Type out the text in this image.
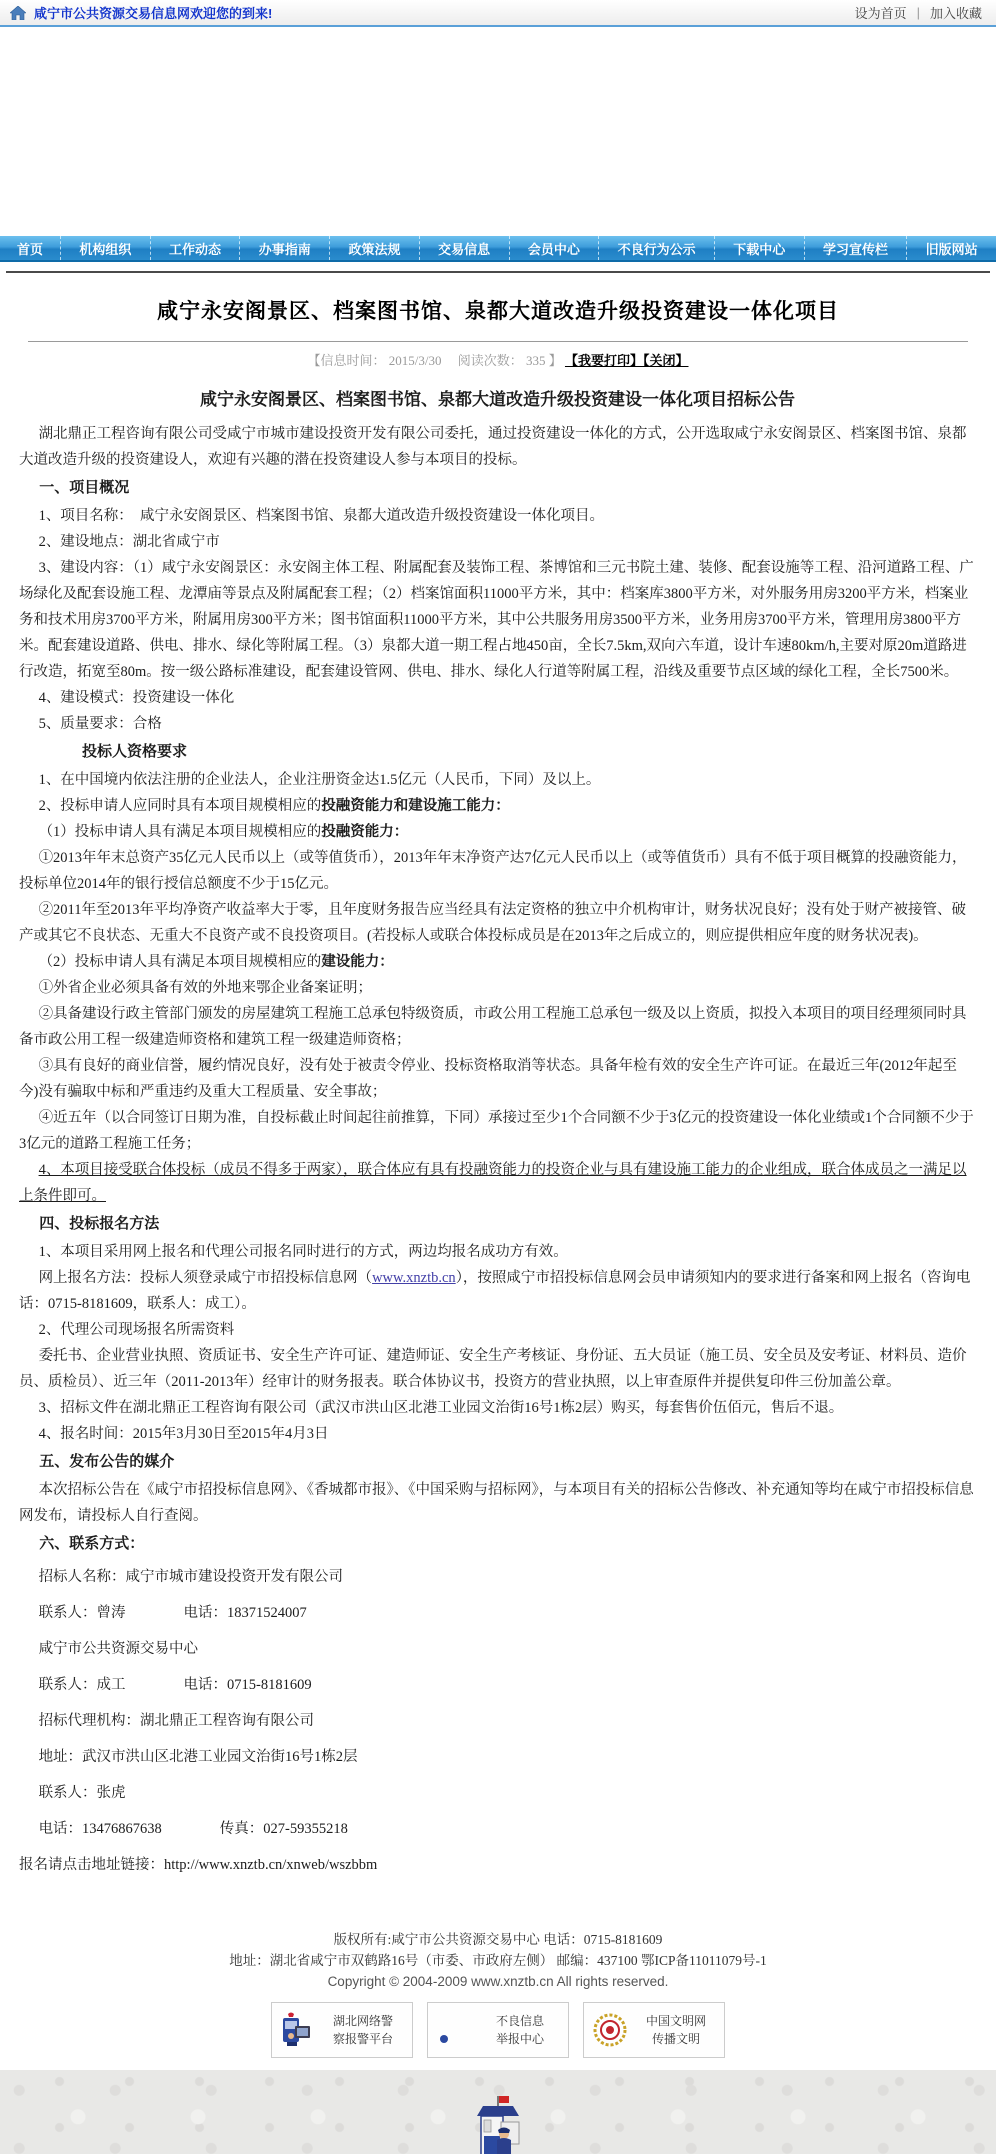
咸宁市公共资源交易信息网欢迎您的到来!	设为首页 | 加入收藏
首页	机构组织	工作动态	办事指南	政策法规	交易信息	会员中心	不良行为公示	下载中心	学习宣传栏	旧版网站
咸宁永安阁景区、档案图书馆、泉都大道改造升级投资建设一体化项目
【信息时间： 2015/3/30　 阅读次数： 335 】 【我要打印】【关闭】
咸宁永安阁景区、档案图书馆、泉都大道改造升级投资建设一体化项目招标公告

湖北鼎正工程咨询有限公司受咸宁市城市建设投资开发有限公司委托，通过投资建设一体化的方式，公开选取咸宁永安阁景区、档案图书馆、泉都大道改造升级的投资建设人，欢迎有兴趣的潜在投资建设人参与本项目的投标。

一、项目概况

1、项目名称：　咸宁永安阁景区、档案图书馆、泉都大道改造升级投资建设一体化项目。

2、建设地点：湖北省咸宁市

3、建设内容：（1）咸宁永安阁景区：永安阁主体工程、附属配套及装饰工程、茶博馆和三元书院土建、装修、配套设施等工程、沿河道路工程、广场绿化及配套设施工程、龙潭庙等景点及附属配套工程；（2）档案馆面积11000平方米，其中：档案库3800平方米，对外服务用房3200平方米，档案业务和技术用房3700平方米，附属用房300平方米；图书馆面积11000平方米，其中公共服务用房3500平方米，业务用房3700平方米，管理用房3800平方米。配套建设道路、供电、排水、绿化等附属工程。（3）泉都大道一期工程占地450亩，全长7.5km,双向六车道，设计车速80km/h,主要对原20m道路进行改造，拓宽至80m。按一级公路标准建设，配套建设管网、供电、排水、绿化人行道等附属工程，沿线及重要节点区域的绿化工程，全长7500米。

4、建设模式：投资建设一体化

5、质量要求：合格

投标人资格要求

1、在中国境内依法注册的企业法人，企业注册资金达1.5亿元（人民币，下同）及以上。

2、投标申请人应同时具有本项目规模相应的投融资能力和建设施工能力：

（1）投标申请人具有满足本项目规模相应的投融资能力：

①2013年年末总资产35亿元人民币以上（或等值货币），2013年年末净资产达7亿元人民币以上（或等值货币）具有不低于项目概算的投融资能力，投标单位2014年的银行授信总额度不少于15亿元。

②2011年至2013年平均净资产收益率大于零，且年度财务报告应当经具有法定资格的独立中介机构审计，财务状况良好；没有处于财产被接管、破产或其它不良状态、无重大不良资产或不良投资项目。(若投标人或联合体投标成员是在2013年之后成立的，则应提供相应年度的财务状况表)。

（2）投标申请人具有满足本项目规模相应的建设能力：

①外省企业必须具备有效的外地来鄂企业备案证明；

②具备建设行政主管部门颁发的房屋建筑工程施工总承包特级资质，市政公用工程施工总承包一级及以上资质，拟投入本项目的项目经理须同时具备市政公用工程一级建造师资格和建筑工程一级建造师资格；

③具有良好的商业信誉，履约情况良好，没有处于被责令停业、投标资格取消等状态。具备年检有效的安全生产许可证。在最近三年(2012年起至今)没有骗取中标和严重违约及重大工程质量、安全事故；

④近五年（以合同签订日期为准，自投标截止时间起往前推算，下同）承接过至少1个合同额不少于3亿元的投资建设一体化业绩或1个合同额不少于3亿元的道路工程施工任务；

4、本项目接受联合体投标（成员不得多于两家），联合体应有具有投融资能力的投资企业与具有建设施工能力的企业组成，联合体成员之一满足以上条件即可。

四、投标报名方法

1、本项目采用网上报名和代理公司报名同时进行的方式，两边均报名成功方有效。

网上报名方法：投标人须登录咸宁市招投标信息网（www.xnztb.cn），按照咸宁市招投标信息网会员申请须知内的要求进行备案和网上报名（咨询电话：0715-8181609，联系人：成工）。

2、代理公司现场报名所需资料

委托书、企业营业执照、资质证书、安全生产许可证、建造师证、安全生产考核证、身份证、五大员证（施工员、安全员及安考证、材料员、造价员、质检员）、近三年（2011-2013年）经审计的财务报表。联合体协议书，投资方的营业执照，以上审查原件并提供复印件三份加盖公章。

3、招标文件在湖北鼎正工程咨询有限公司（武汉市洪山区北港工业园文治街16号1栋2层）购买，每套售价伍佰元，售后不退。

4、报名时间：2015年3月30日至2015年4月3日

五、发布公告的媒介

本次招标公告在《咸宁市招投标信息网》、《香城都市报》、《中国采购与招标网》，与本项目有关的招标公告修改、补充通知等均在咸宁市招投标信息网发布，请投标人自行查阅。

六、联系方式：

招标人名称：咸宁市城市建设投资开发有限公司

联系人：曾涛　　　　电话：18371524007

咸宁市公共资源交易中心

联系人：成工　　　　电话：0715-8181609

招标代理机构：湖北鼎正工程咨询有限公司

地址：武汉市洪山区北港工业园文治街16号1栋2层

联系人：张虎

电话：13476867638　　　　传真：027-59355218

报名请点击地址链接：http://www.xnztb.cn/xnweb/wszbbm

版权所有:咸宁市公共资源交易中心 电话：0715-8181609
地址：湖北省咸宁市双鹤路16号（市委、市政府左侧） 邮编：437100 鄂ICP备11011079号-1
Copyright © 2004-2009 www.xnztb.cn All rights reserved.
湖北网络警
察报警平台
不良信息
举报中心
中国文明网
传播文明
